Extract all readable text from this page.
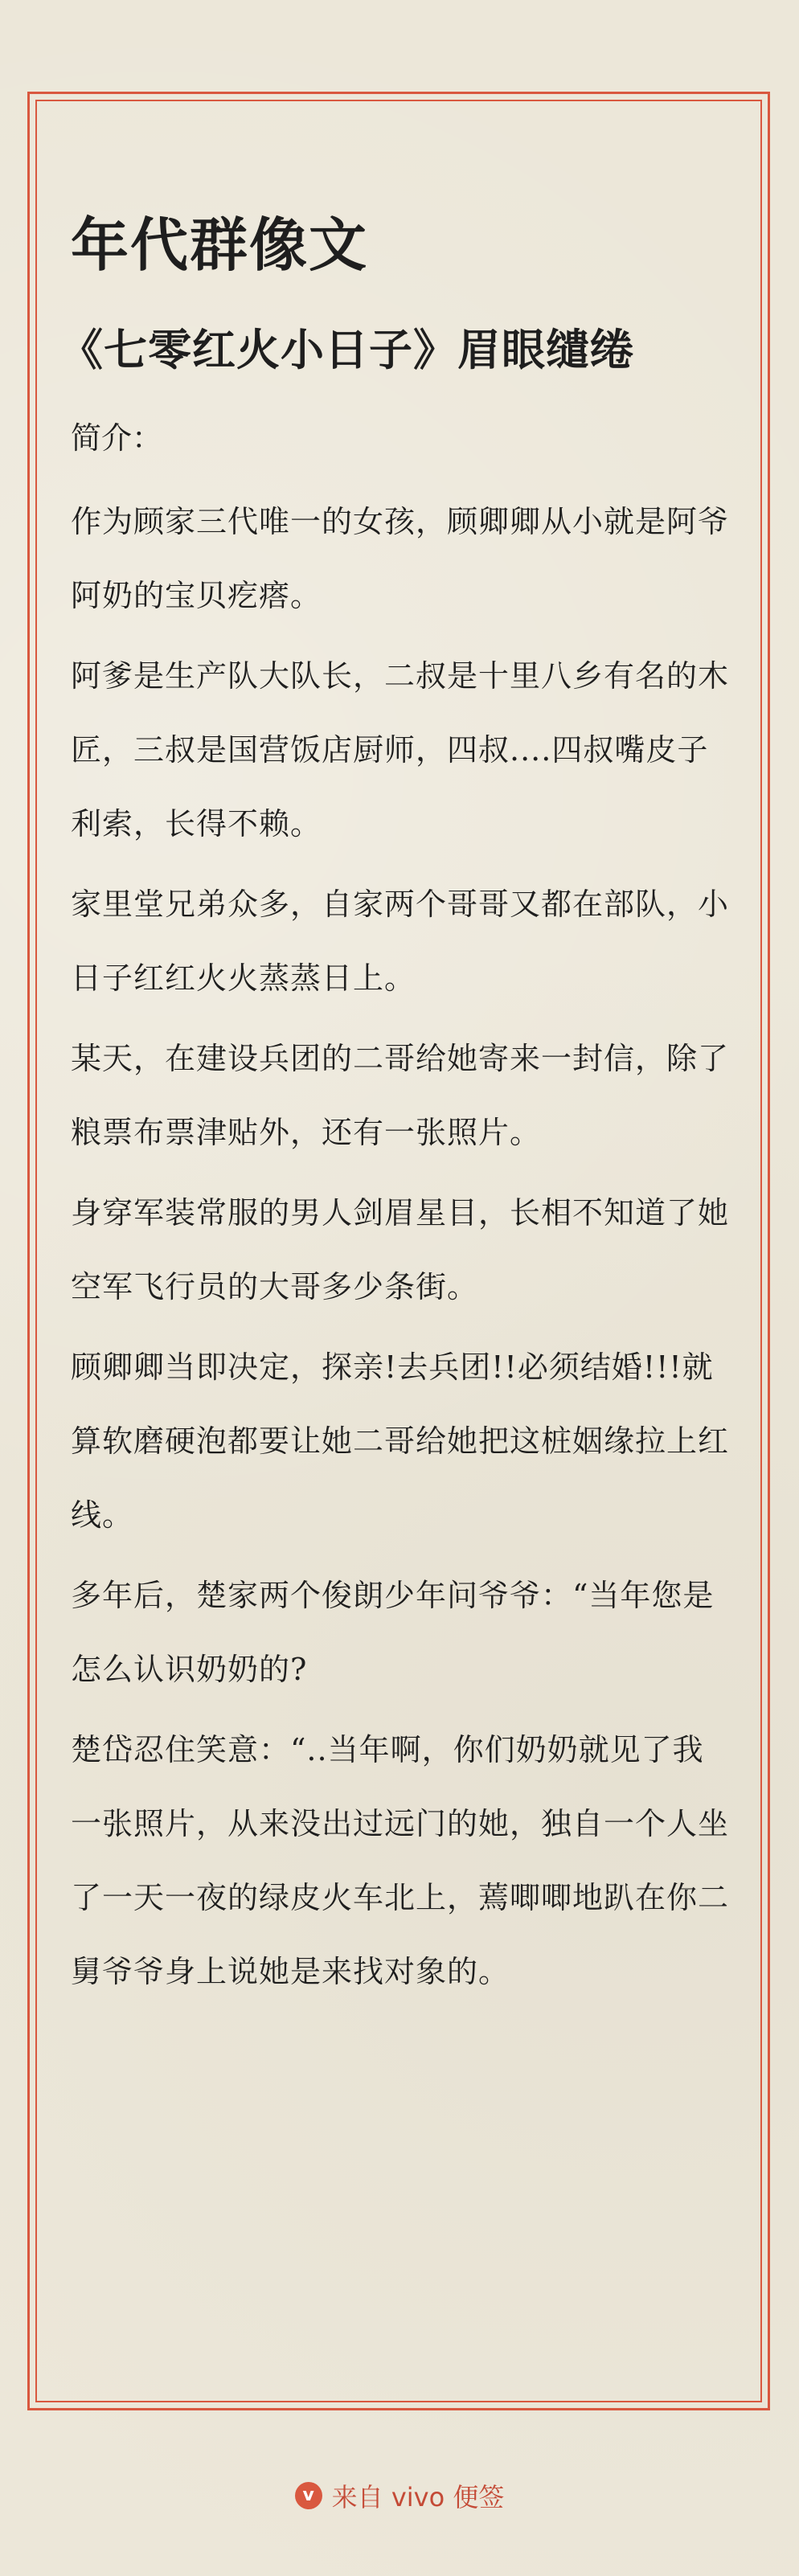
年代群像文
《七零红火小日子》眉眼缱绻
简介：

作为顾家三代唯一的女孩，顾卿卿从小就是阿爷阿奶的宝贝疙瘩。

阿爹是生产队大队长，二叔是十里八乡有名的木匠，三叔是国营饭店厨师，四叔....四叔嘴皮子利索，长得不赖。

家里堂兄弟众多，自家两个哥哥又都在部队，小日子红红火火蒸蒸日上。

某天，在建设兵团的二哥给她寄来一封信，除了粮票布票津贴外，还有一张照片。

身穿军装常服的男人剑眉星目，长相不知道了她空军飞行员的大哥多少条街。

顾卿卿当即决定，探亲!去兵团!!必须结婚!!!就算软磨硬泡都要让她二哥给她把这桩姻缘拉上红线。

多年后，楚家两个俊朗少年问爷爷：“当年您是怎么认识奶奶的?

楚岱忍住笑意：“..当年啊，你们奶奶就见了我一张照片，从来没出过远门的她，独自一个人坐了一天一夜的绿皮火车北上，蔫唧唧地趴在你二舅爷爷身上说她是来找对象的。

v 来自 vivo 便签
